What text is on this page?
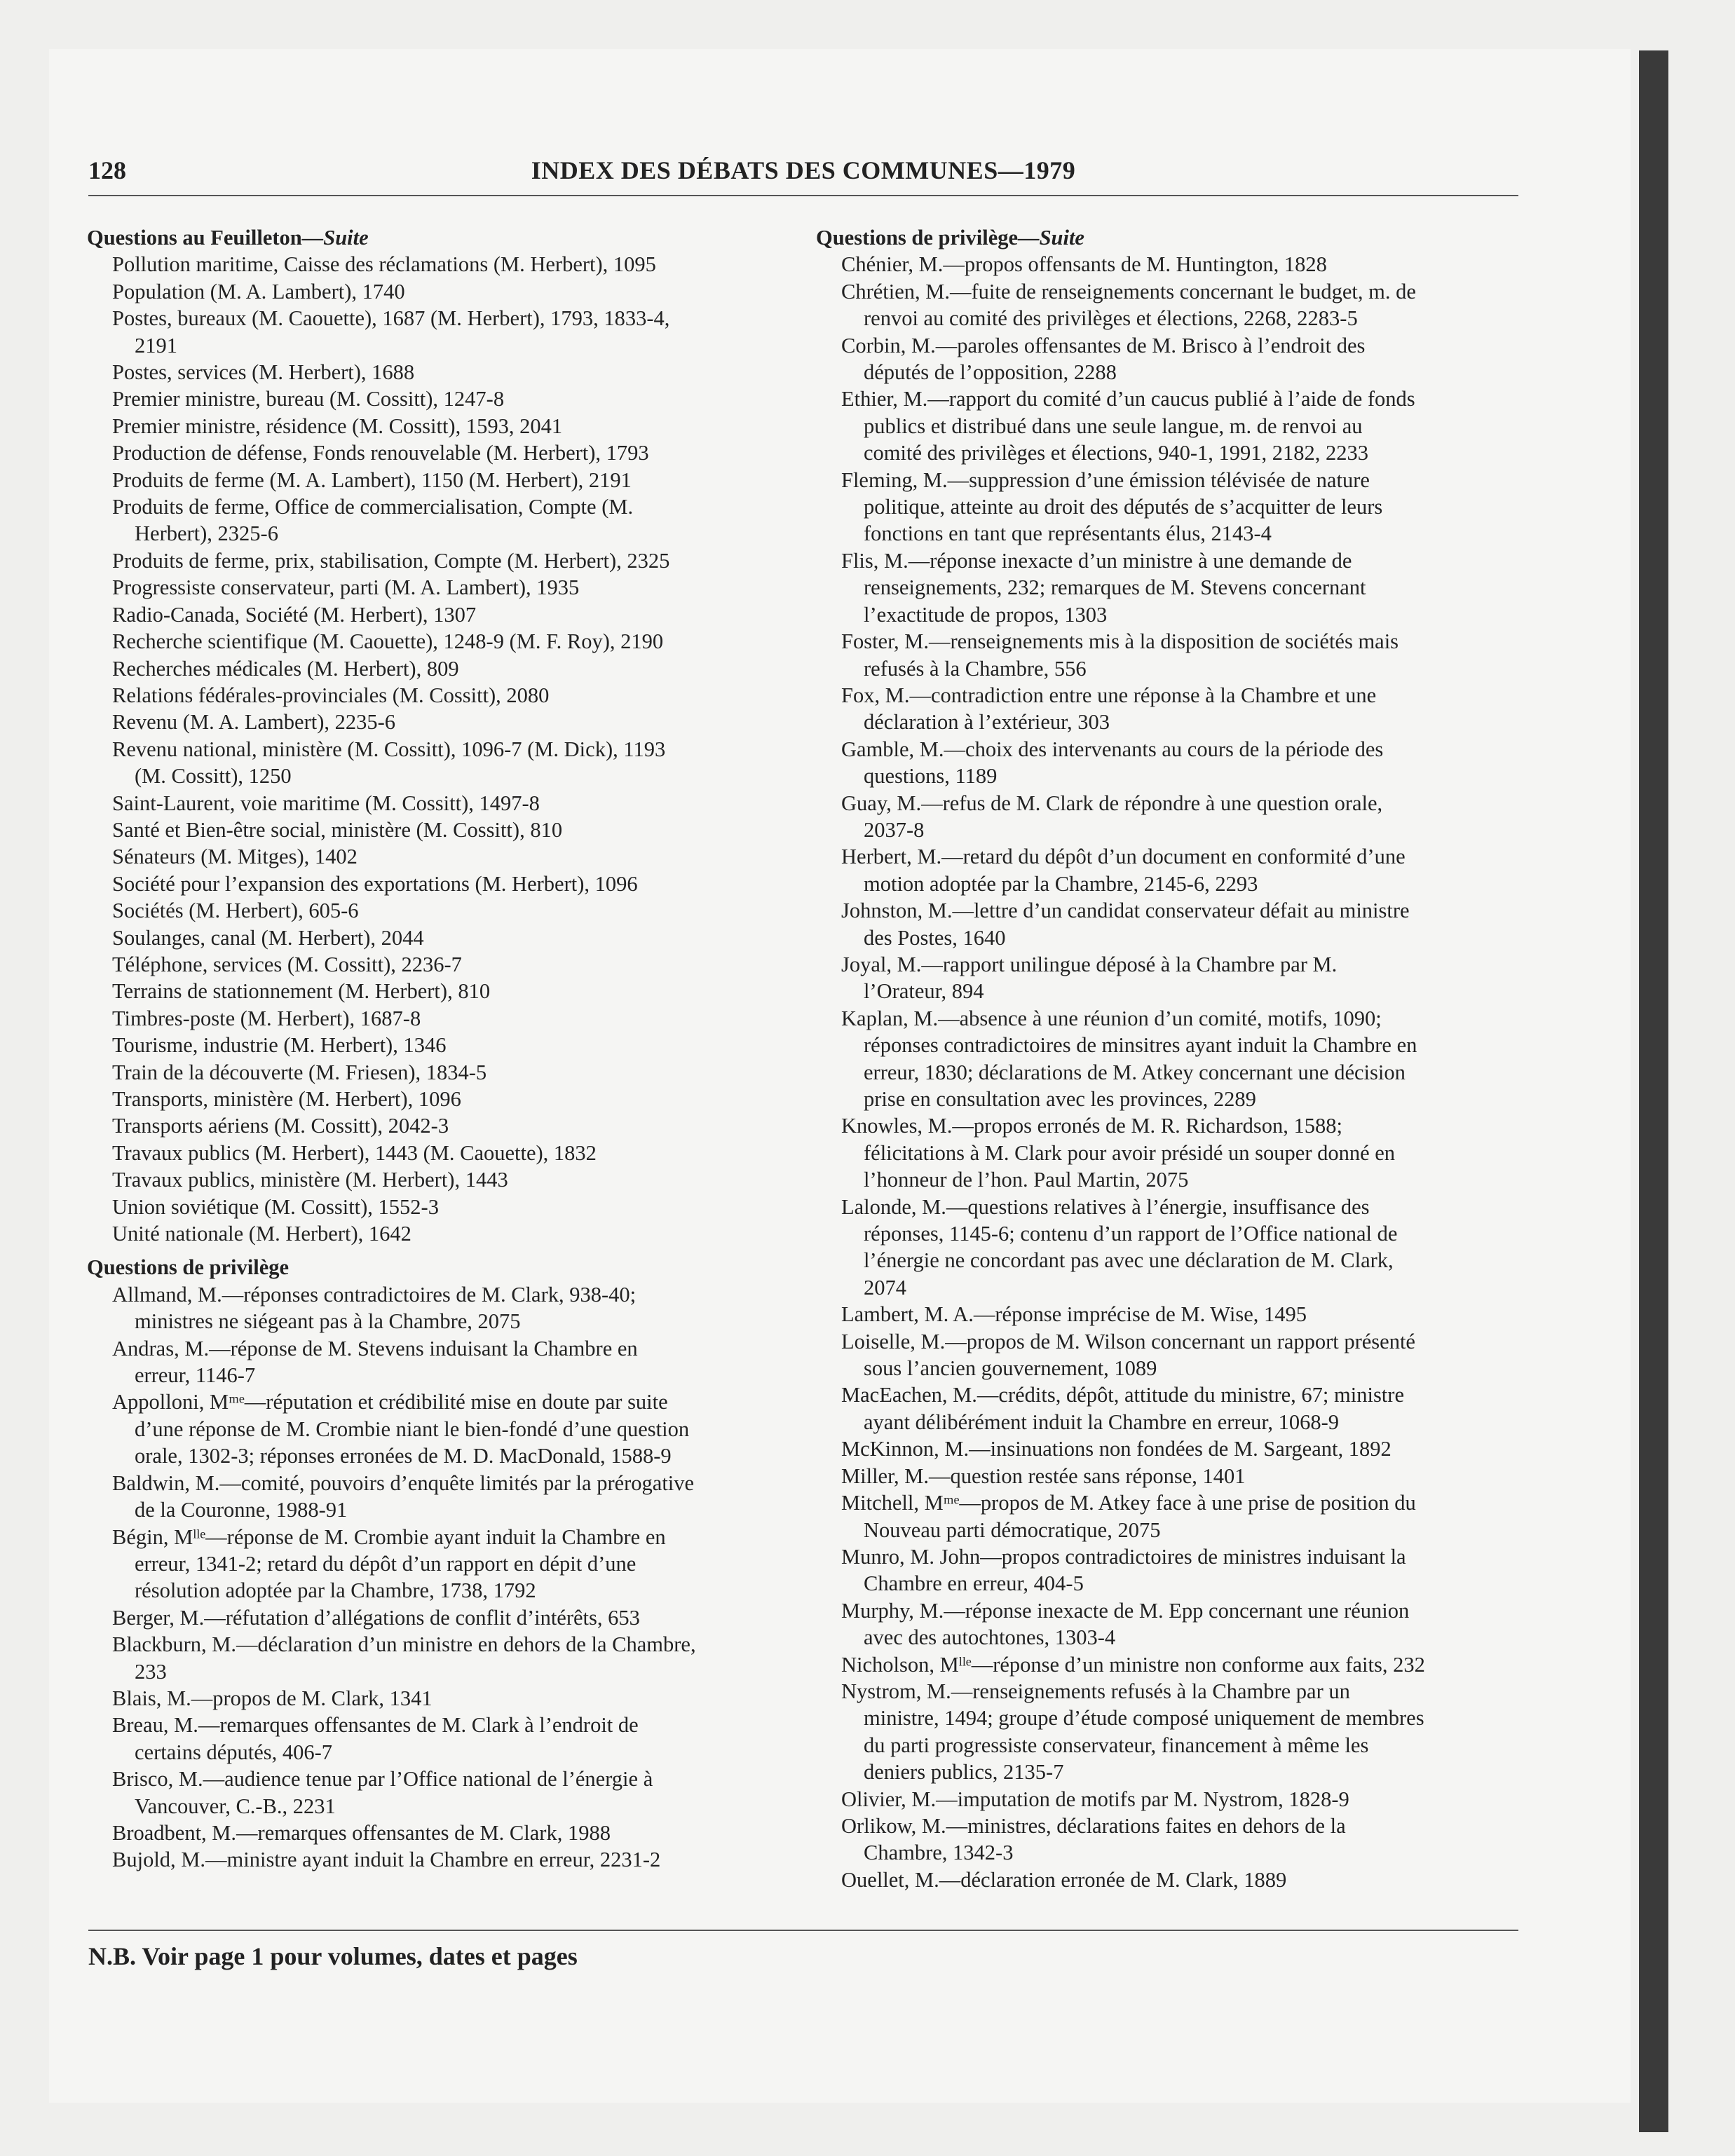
128	INDEX DES DÉBATS DES COMMUNES—1979
Questions au Feuilleton—Suite
Pollution maritime, Caisse des réclamations (M. Herbert), 1095
Population (M. A. Lambert), 1740
Postes, bureaux (M. Caouette), 1687 (M. Herbert), 1793, 1833-4,
2191
Postes, services (M. Herbert), 1688
Premier ministre, bureau (M. Cossitt), 1247-8
Premier ministre, résidence (M. Cossitt), 1593, 2041
Production de défense, Fonds renouvelable (M. Herbert), 1793
Produits de ferme (M. A. Lambert), 1150 (M. Herbert), 2191
Produits de ferme, Office de commercialisation, Compte (M.
Herbert), 2325-6
Produits de ferme, prix, stabilisation, Compte (M. Herbert), 2325
Progressiste conservateur, parti (M. A. Lambert), 1935
Radio-Canada, Société (M. Herbert), 1307
Recherche scientifique (M. Caouette), 1248-9 (M. F. Roy), 2190
Recherches médicales (M. Herbert), 809
Relations fédérales-provinciales (M. Cossitt), 2080
Revenu (M. A. Lambert), 2235-6
Revenu national, ministère (M. Cossitt), 1096-7 (M. Dick), 1193
(M. Cossitt), 1250
Saint-Laurent, voie maritime (M. Cossitt), 1497-8
Santé et Bien-être social, ministère (M. Cossitt), 810
Sénateurs (M. Mitges), 1402
Société pour l’expansion des exportations (M. Herbert), 1096
Sociétés (M. Herbert), 605-6
Soulanges, canal (M. Herbert), 2044
Téléphone, services (M. Cossitt), 2236-7
Terrains de stationnement (M. Herbert), 810
Timbres-poste (M. Herbert), 1687-8
Tourisme, industrie (M. Herbert), 1346
Train de la découverte (M. Friesen), 1834-5
Transports, ministère (M. Herbert), 1096
Transports aériens (M. Cossitt), 2042-3
Travaux publics (M. Herbert), 1443 (M. Caouette), 1832
Travaux publics, ministère (M. Herbert), 1443
Union soviétique (M. Cossitt), 1552-3
Unité nationale (M. Herbert), 1642
Questions de privilège
Allmand, M.—réponses contradictoires de M. Clark, 938-40;
ministres ne siégeant pas à la Chambre, 2075
Andras, M.—réponse de M. Stevens induisant la Chambre en
erreur, 1146-7
Appolloni, Mᵐᵉ—réputation et crédibilité mise en doute par suite
d’une réponse de M. Crombie niant le bien-fondé d’une question
orale, 1302-3; réponses erronées de M. D. MacDonald, 1588-9
Baldwin, M.—comité, pouvoirs d’enquête limités par la prérogative
de la Couronne, 1988-91
Bégin, Mˡˡᵉ—réponse de M. Crombie ayant induit la Chambre en
erreur, 1341-2; retard du dépôt d’un rapport en dépit d’une
résolution adoptée par la Chambre, 1738, 1792
Berger, M.—réfutation d’allégations de conflit d’intérêts, 653
Blackburn, M.—déclaration d’un ministre en dehors de la Chambre,
233
Blais, M.—propos de M. Clark, 1341
Breau, M.—remarques offensantes de M. Clark à l’endroit de
certains députés, 406-7
Brisco, M.—audience tenue par l’Office national de l’énergie à
Vancouver, C.-B., 2231
Broadbent, M.—remarques offensantes de M. Clark, 1988
Bujold, M.—ministre ayant induit la Chambre en erreur, 2231-2
Questions de privilège—Suite
Chénier, M.—propos offensants de M. Huntington, 1828
Chrétien, M.—fuite de renseignements concernant le budget, m. de
renvoi au comité des privilèges et élections, 2268, 2283-5
Corbin, M.—paroles offensantes de M. Brisco à l’endroit des
députés de l’opposition, 2288
Ethier, M.—rapport du comité d’un caucus publié à l’aide de fonds
publics et distribué dans une seule langue, m. de renvoi au
comité des privilèges et élections, 940-1, 1991, 2182, 2233
Fleming, M.—suppression d’une émission télévisée de nature
politique, atteinte au droit des députés de s’acquitter de leurs
fonctions en tant que représentants élus, 2143-4
Flis, M.—réponse inexacte d’un ministre à une demande de
renseignements, 232; remarques de M. Stevens concernant
l’exactitude de propos, 1303
Foster, M.—renseignements mis à la disposition de sociétés mais
refusés à la Chambre, 556
Fox, M.—contradiction entre une réponse à la Chambre et une
déclaration à l’extérieur, 303
Gamble, M.—choix des intervenants au cours de la période des
questions, 1189
Guay, M.—refus de M. Clark de répondre à une question orale,
2037-8
Herbert, M.—retard du dépôt d’un document en conformité d’une
motion adoptée par la Chambre, 2145-6, 2293
Johnston, M.—lettre d’un candidat conservateur défait au ministre
des Postes, 1640
Joyal, M.—rapport unilingue déposé à la Chambre par M.
l’Orateur, 894
Kaplan, M.—absence à une réunion d’un comité, motifs, 1090;
réponses contradictoires de minsitres ayant induit la Chambre en
erreur, 1830; déclarations de M. Atkey concernant une décision
prise en consultation avec les provinces, 2289
Knowles, M.—propos erronés de M. R. Richardson, 1588;
félicitations à M. Clark pour avoir présidé un souper donné en
l’honneur de l’hon. Paul Martin, 2075
Lalonde, M.—questions relatives à l’énergie, insuffisance des
réponses, 1145-6; contenu d’un rapport de l’Office national de
l’énergie ne concordant pas avec une déclaration de M. Clark,
2074
Lambert, M. A.—réponse imprécise de M. Wise, 1495
Loiselle, M.—propos de M. Wilson concernant un rapport présenté
sous l’ancien gouvernement, 1089
MacEachen, M.—crédits, dépôt, attitude du ministre, 67; ministre
ayant délibérément induit la Chambre en erreur, 1068-9
McKinnon, M.—insinuations non fondées de M. Sargeant, 1892
Miller, M.—question restée sans réponse, 1401
Mitchell, Mᵐᵉ—propos de M. Atkey face à une prise de position du
Nouveau parti démocratique, 2075
Munro, M. John—propos contradictoires de ministres induisant la
Chambre en erreur, 404-5
Murphy, M.—réponse inexacte de M. Epp concernant une réunion
avec des autochtones, 1303-4
Nicholson, Mˡˡᵉ—réponse d’un ministre non conforme aux faits, 232
Nystrom, M.—renseignements refusés à la Chambre par un
ministre, 1494; groupe d’étude composé uniquement de membres
du parti progressiste conservateur, financement à même les
deniers publics, 2135-7
Olivier, M.—imputation de motifs par M. Nystrom, 1828-9
Orlikow, M.—ministres, déclarations faites en dehors de la
Chambre, 1342-3
Ouellet, M.—déclaration erronée de M. Clark, 1889
N.B. Voir page 1 pour volumes, dates et pages
